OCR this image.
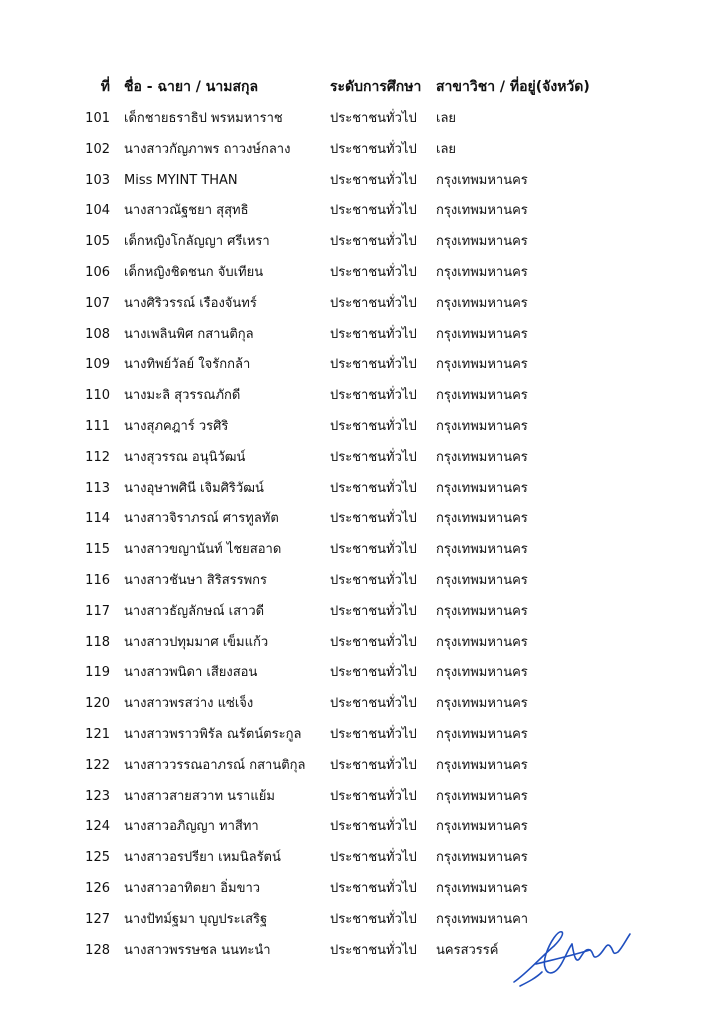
ที่ ชื่อ - ฉายา / นามสกุล	ระดับการศึกษา สาขาวิชา / ที่อยู่(จังหวัด)
101 เด็กชายธราธิป พรหมหาราช	ประชาชนทั่วไป เลย
102 นางสาวกัญภาพร ถาวงษ์กลาง	ประชาชนทั่วไป เลย
103 Miss MYINT THAN	ประชาชนทั่วไป กรุงเทพมหานคร
104 นางสาวณัฐชยา สุสุทธิ	ประชาชนทั่วไป กรุงเทพมหานคร
105 เด็กหญิงโกลัญญา ศรีเหรา	ประชาชนทั่วไป กรุงเทพมหานคร
106 เด็กหญิงชิดชนก จับเทียน	ประชาชนทั่วไป กรุงเทพมหานคร
107 นางศิริวรรณ์ เรืองจันทร์	ประชาชนทั่วไป กรุงเทพมหานคร
108 นางเพลินพิศ กสานติกุล	ประชาชนทั่วไป กรุงเทพมหานคร
109 นางทิพย์วัลย์ ใจรักกล้า	ประชาชนทั่วไป กรุงเทพมหานคร
110 นางมะลิ สุวรรณภักดี	ประชาชนทั่วไป กรุงเทพมหานคร
111 นางสุภคฎาร์ วรศิริ	ประชาชนทั่วไป กรุงเทพมหานคร
112 นางสุวรรณ อนุนิวัฒน์	ประชาชนทั่วไป กรุงเทพมหานคร
113 นางอุษาพศินี เจิมศิริวัฒน์	ประชาชนทั่วไป กรุงเทพมหานคร
114 นางสาวจิราภรณ์ ศารทูลทัต	ประชาชนทั่วไป กรุงเทพมหานคร
115 นางสาวขญานันท์ ไชยสอาด	ประชาชนทั่วไป กรุงเทพมหานคร
116 นางสาวชันษา สิริสรรพกร	ประชาชนทั่วไป กรุงเทพมหานคร
117 นางสาวธัญลักษณ์ เสาวดี	ประชาชนทั่วไป กรุงเทพมหานคร
118 นางสาวปทุมมาศ เข็มแก้ว	ประชาชนทั่วไป กรุงเทพมหานคร
119 นางสาวพนิดา เสียงสอน	ประชาชนทั่วไป กรุงเทพมหานคร
120 นางสาวพรสว่าง แซ่เจ็ง	ประชาชนทั่วไป กรุงเทพมหานคร
121 นางสาวพราวพิรัล ณรัตน์ตระกูล ประชาชนทั่วไป กรุงเทพมหานคร
122 นางสาววรรณอาภรณ์ กสานติกุล ประชาชนทั่วไป กรุงเทพมหานคร
123 นางสาวสายสวาท นราแย้ม	ประชาชนทั่วไป กรุงเทพมหานคร
124 นางสาวอภิญญา ทาสีทา	ประชาชนทั่วไป กรุงเทพมหานคร
125 นางสาวอรปรียา เหมนิลรัตน์	ประชาชนทั่วไป กรุงเทพมหานคร
126 นางสาวอาทิตยา อิ่มขาว	ประชาชนทั่วไป กรุงเทพมหานคร
127 นางปัทม์ฐมา บุญประเสริฐ	ประชาชนทั่วไป กรุงเทพมหานคา
128 นางสาวพรรษชล นนทะนำ	ประชาชนทั่วไป นครสวรรค์
